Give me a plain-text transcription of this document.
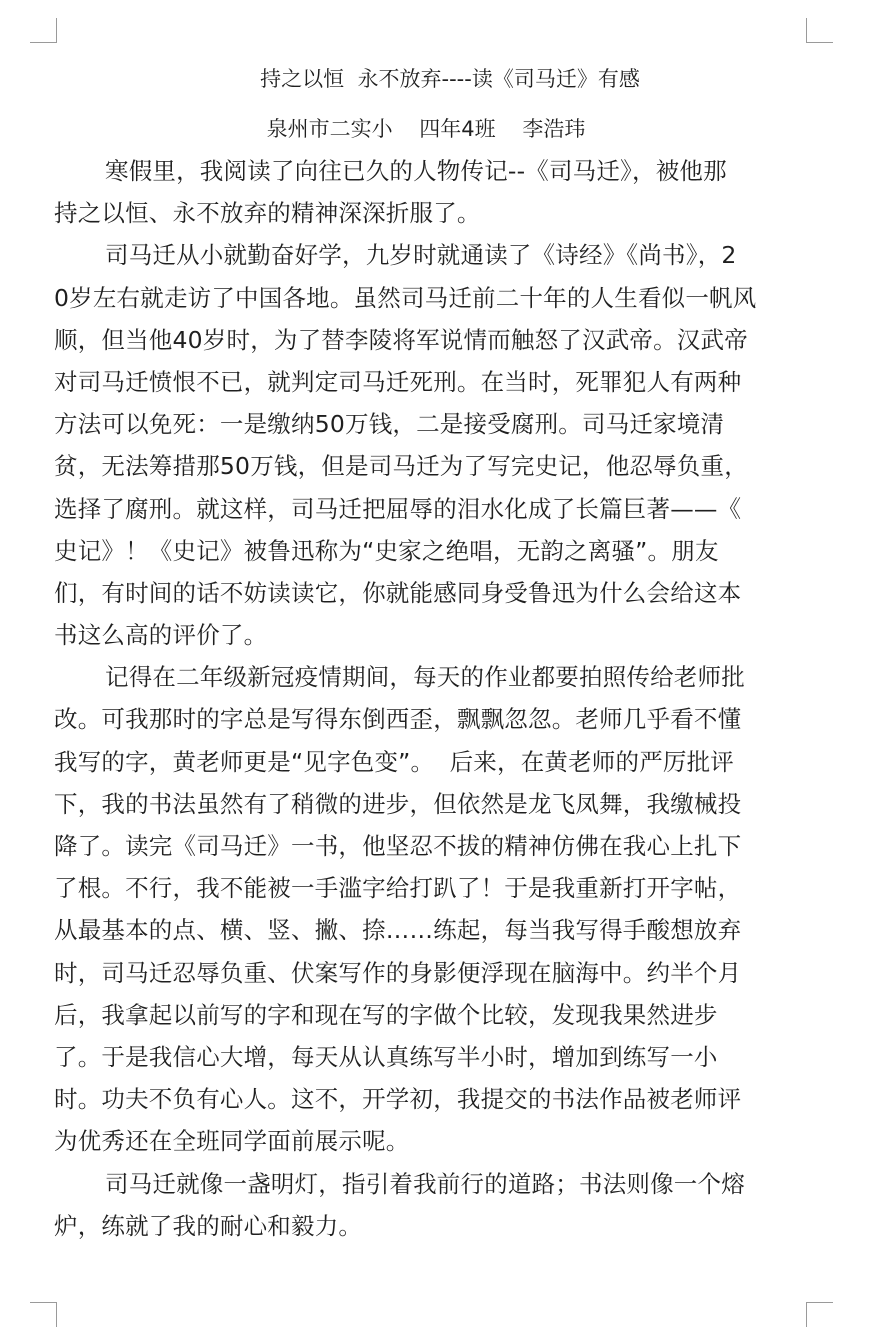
持之以恒  永不放弃----读《司马迁》有感
泉州市二实小    四年4班    李浩玮
寒假里，我阅读了向往已久的人物传记--《司马迁》，被他那
持之以恒、永不放弃的精神深深折服了。
司马迁从小就勤奋好学，九岁时就通读了《诗经》《尚书》，2
0岁左右就走访了中国各地。虽然司马迁前二十年的人生看似一帆风
顺，但当他40岁时，为了替李陵将军说情而触怒了汉武帝。汉武帝
对司马迁愤恨不已，就判定司马迁死刑。在当时，死罪犯人有两种
方法可以免死：一是缴纳50万钱，二是接受腐刑。司马迁家境清
贫，无法筹措那50万钱，但是司马迁为了写完史记，他忍辱负重，
选择了腐刑。就这样，司马迁把屈辱的泪水化成了长篇巨著——《
史记》！《史记》被鲁迅称为“史家之绝唱，无韵之离骚”。朋友
们，有时间的话不妨读读它，你就能感同身受鲁迅为什么会给这本
书这么高的评价了。
记得在二年级新冠疫情期间，每天的作业都要拍照传给老师批
改。可我那时的字总是写得东倒西歪，飘飘忽忽。老师几乎看不懂
我写的字，黄老师更是“见字色变”。  后来，在黄老师的严厉批评
下，我的书法虽然有了稍微的进步，但依然是龙飞凤舞，我缴械投
降了。读完《司马迁》一书，他坚忍不拔的精神仿佛在我心上扎下
了根。不行，我不能被一手滥字给打趴了！于是我重新打开字帖，
从最基本的点、横、竖、撇、捺……练起，每当我写得手酸想放弃
时，司马迁忍辱负重、伏案写作的身影便浮现在脑海中。约半个月
后，我拿起以前写的字和现在写的字做个比较，发现我果然进步
了。于是我信心大增，每天从认真练写半小时，增加到练写一小
时。功夫不负有心人。这不，开学初，我提交的书法作品被老师评
为优秀还在全班同学面前展示呢。
司马迁就像一盏明灯，指引着我前行的道路；书法则像一个熔
炉，练就了我的耐心和毅力。
